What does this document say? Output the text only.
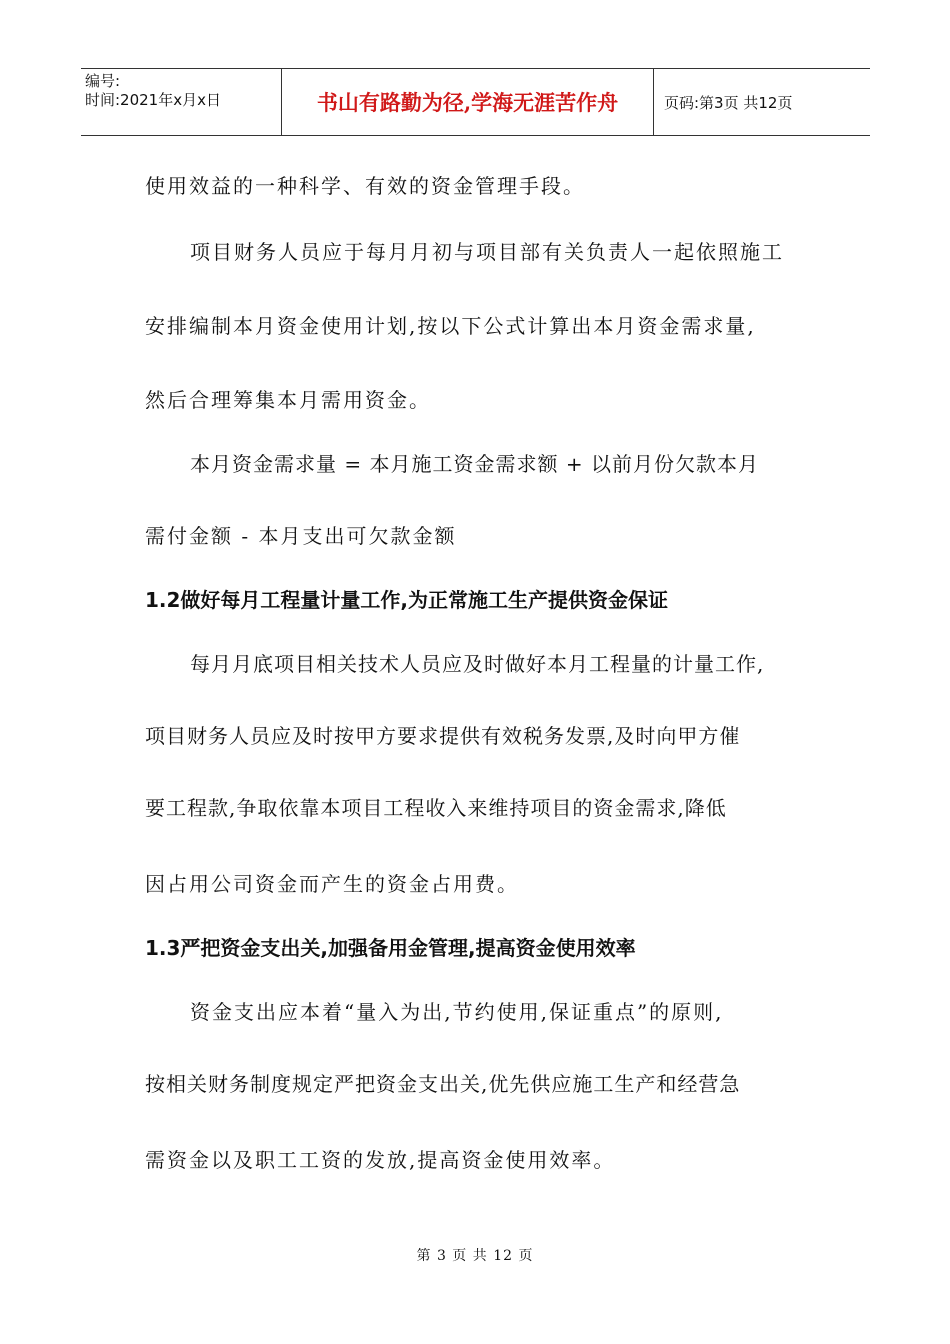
编号:
时间:2021年x月x日	书山有路勤为径,学海无涯苦作舟	页码:第3页 共12页

使用效益的一种科学、有效的资金管理手段。

项目财务人员应于每月月初与项目部有关负责人一起依照施工

安排编制本月资金使用计划,按以下公式计算出本月资金需求量,

然后合理筹集本月需用资金。

本月资金需求量 = 本月施工资金需求额 + 以前月份欠款本月

需付金额 - 本月支出可欠款金额

1.2做好每月工程量计量工作,为正常施工生产提供资金保证

每月月底项目相关技术人员应及时做好本月工程量的计量工作,

项目财务人员应及时按甲方要求提供有效税务发票,及时向甲方催

要工程款,争取依靠本项目工程收入来维持项目的资金需求,降低

因占用公司资金而产生的资金占用费。

1.3严把资金支出关,加强备用金管理,提高资金使用效率

资金支出应本着“量入为出,节约使用,保证重点”的原则,

按相关财务制度规定严把资金支出关,优先供应施工生产和经营急

需资金以及职工工资的发放,提高资金使用效率。

第 3 页 共 12 页
